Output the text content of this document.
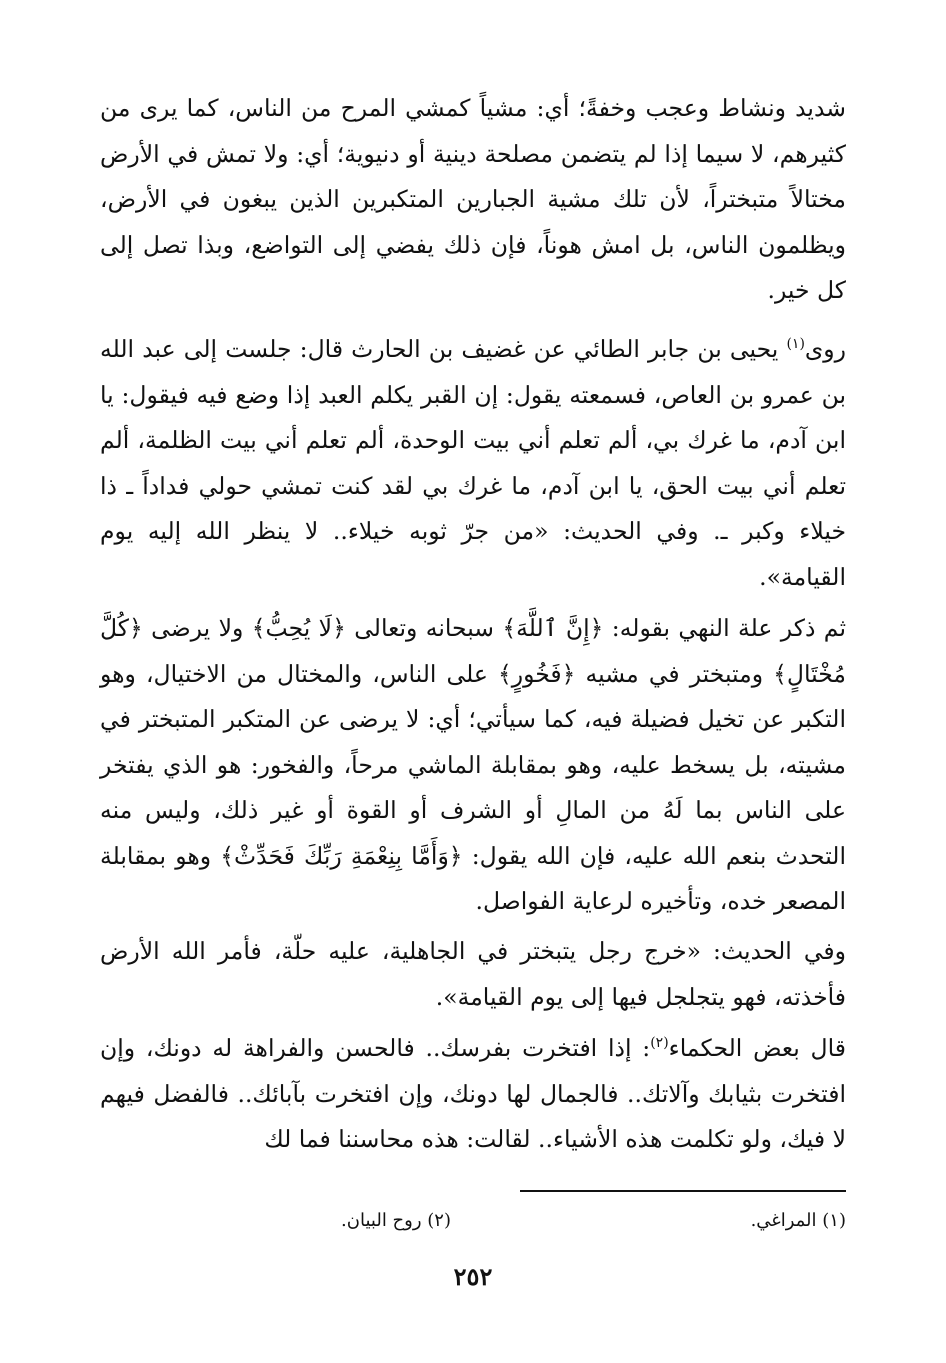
شديد ونشاط وعجب وخفةً؛ أي: مشياً كمشي المرح من الناس، كما يرى من كثيرهم، لا سيما إذا لم يتضمن مصلحة دينية أو دنيوية؛ أي: ولا تمش في الأرض مختالاً متبختراً، لأن تلك مشية الجبارين المتكبرين الذين يبغون في الأرض، ويظلمون الناس، بل امش هوناً، فإن ذلك يفضي إلى التواضع، وبذا تصل إلى كل خير.

روى$^{(١)}$ يحيى بن جابر الطائي عن غضيف بن الحارث قال: جلست إلى عبد الله بن عمرو بن العاص، فسمعته يقول: إن القبر يكلم العبد إذا وضع فيه فيقول: يا ابن آدم، ما غرك بي، ألم تعلم أني بيت الوحدة، ألم تعلم أني بيت الظلمة، ألم تعلم أني بيت الحق، يا ابن آدم، ما غرك بي لقد كنت تمشي حولي فداداً ـ ذا خيلاء وكبر ـ. وفي الحديث: «من جرّ ثوبه خيلاء.. لا ينظر الله إليه يوم القيامة».

ثم ذكر علة النهي بقوله: ﴿إِنَّ ٱللَّهَ﴾ سبحانه وتعالى ﴿لَا يُحِبُّ﴾ ولا يرضى ﴿كُلَّ مُخْتَالٍ﴾ ومتبختر في مشيه ﴿فَخُورٍ﴾ على الناس، والمختال من الاختيال، وهو التكبر عن تخيل فضيلة فيه، كما سيأتي؛ أي: لا يرضى عن المتكبر المتبختر في مشيته، بل يسخط عليه، وهو بمقابلة الماشي مرحاً، والفخور: هو الذي يفتخر على الناس بما لَهُ من المالِ أو الشرف أو القوة أو غير ذلك، وليس منه التحدث بنعم الله عليه، فإن الله يقول: ﴿وَأَمَّا بِنِعْمَةِ رَبِّكَ فَحَدِّثْ﴾ وهو بمقابلة المصعر خده، وتأخيره لرعاية الفواصل.

وفي الحديث: «خرج رجل يتبختر في الجاهلية، عليه حلّة، فأمر الله الأرض فأخذته، فهو يتجلجل فيها إلى يوم القيامة».

قال بعض الحكماء$^{(٢)}$: إذا افتخرت بفرسك.. فالحسن والفراهة له دونك، وإن افتخرت بثيابك وآلاتك.. فالجمال لها دونك، وإن افتخرت بآبائك.. فالفضل فيهم لا فيك، ولو تكلمت هذه الأشياء.. لقالت: هذه محاسننا فما لك

(١) المراغي.
(٢) روح البيان.
٢٥٢
